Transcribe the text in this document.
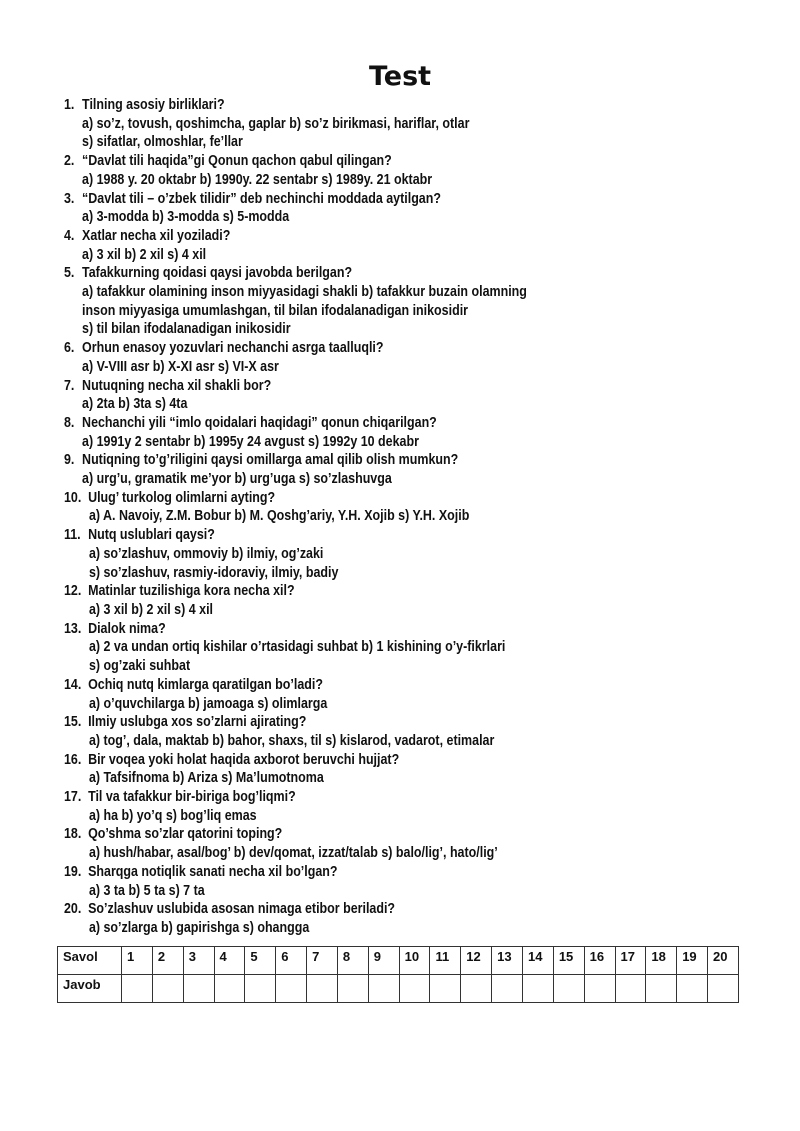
Test
1. Tilning asosiy birliklari?
a) so’z, tovush, qoshimcha, gaplar b) so’z birikmasi, hariflar, otlar
s) sifatlar, olmoshlar, fe’llar
2. “Davlat tili haqida”gi Qonun qachon qabul qilingan?
a) 1988 y. 20 oktabr b) 1990y. 22 sentabr s) 1989y. 21 oktabr
3. “Davlat tili – o’zbek tilidir” deb nechinchi moddada aytilgan?
a) 3-modda b) 3-modda s) 5-modda
4. Xatlar necha xil yoziladi?
a) 3 xil b) 2 xil s) 4 xil
5. Tafakkurning qoidasi qaysi javobda berilgan?
a) tafakkur olamining inson miyyasidagi shakli b) tafakkur buzain olamning
inson miyyasiga umumlashgan, til bilan ifodalanadigan inikosidir
s) til bilan ifodalanadigan inikosidir
6. Orhun enasoy yozuvlari nechanchi asrga taalluqli?
a) V-VIII asr b) X-XI asr s) VI-X asr
7. Nutuqning necha xil shakli bor?
a) 2ta b) 3ta s) 4ta
8. Nechanchi yili “imlo qoidalari haqidagi” qonun chiqarilgan?
a) 1991y 2 sentabr b) 1995y 24 avgust s) 1992y 10 dekabr
9. Nutiqning to’g’riligini qaysi omillarga amal qilib olish mumkun?
a) urg’u, gramatik me’yor b) urg’uga s) so’zlashuvga
10. Ulug’ turkolog olimlarni ayting?
a) A. Navoiy, Z.M. Bobur b) M. Qoshg’ariy, Y.H. Xojib s) Y.H. Xojib
11. Nutq uslublari qaysi?
a) so’zlashuv, ommoviy b) ilmiy, og’zaki
s) so’zlashuv, rasmiy-idoraviy, ilmiy, badiy
12. Matinlar tuzilishiga kora necha xil?
a) 3 xil b) 2 xil s) 4 xil
13. Dialok nima?
a) 2 va undan ortiq kishilar o’rtasidagi suhbat b) 1 kishining o’y-fikrlari
s) og’zaki suhbat
14. Ochiq nutq kimlarga qaratilgan bo’ladi?
a) o’quvchilarga b) jamoaga s) olimlarga
15. Ilmiy uslubga xos so’zlarni ajirating?
a) tog’, dala, maktab b) bahor, shaxs, til s) kislarod, vadarot, etimalar
16. Bir voqea yoki holat haqida axborot beruvchi hujjat?
a) Tafsifnoma b) Ariza s) Ma’lumotnoma
17. Til va tafakkur bir-biriga bog’liqmi?
a) ha b) yo’q s) bog’liq emas
18. Qo’shma so’zlar qatorini toping?
a) hush/habar, asal/bog’ b) dev/qomat, izzat/talab s) balo/lig’, hato/lig’
19. Sharqga notiqlik sanati necha xil bo’lgan?
a) 3 ta b) 5 ta s) 7 ta
20. So’zlashuv uslubida asosan nimaga etibor beriladi?
a) so’zlarga b) gapirishga s) ohangga
Savol	1	2	3	4	5	6	7	8	9	10	11	12	13	14	15	16	17	18	19	20
Javob																				
